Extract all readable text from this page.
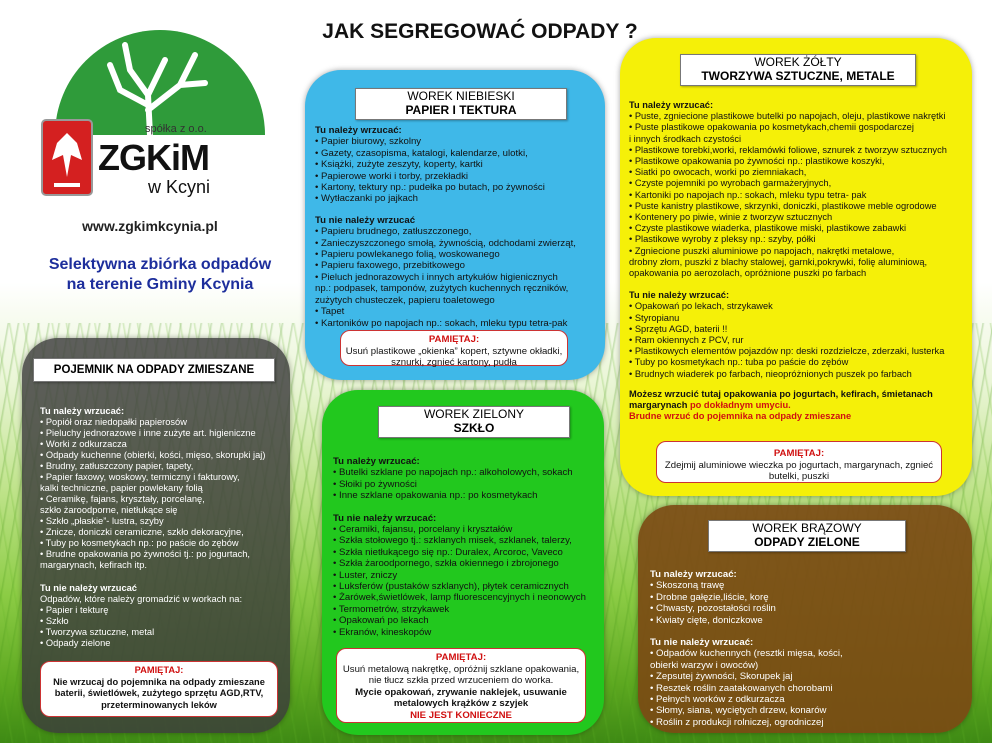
JAK SEGREGOWAĆ ODPADY ?
spółka z o.o.
ZGKiM
w Kcyni
www.zgkimkcynia.pl
Selektywna zbiórka odpadów
na terenie Gminy Kcynia
POJEMNIK NA ODPADY ZMIESZANE
Tu należy wrzucać:
• Popiół oraz niedopałki papierosów
• Pieluchy jednorazowe i inne zużyte art. higieniczne
• Worki z odkurzacza
• Odpady kuchenne (obierki, kości, mięso, skorupki jaj)
• Brudny, zatłuszczony papier, tapety,
• Papier faxowy, woskowy, termiczny i fakturowy,
kalki techniczne, papier powlekany folią
• Ceramikę, fajans, kryształy, porcelanę,
szkło żaroodporne, nietłukące się
• Szkło „płaskie”- lustra, szyby
• Znicze, doniczki ceramiczne, szkło dekoracyjne,
• Tuby po kosmetykach np.: po paście do zębów
• Brudne opakowania po żywności tj.: po jogurtach,
margarynach, kefirach itp.
Tu nie należy wrzucać
Odpadów, które należy gromadzić w workach na:
• Papier i tekturę
• Szkło
• Tworzywa sztuczne, metal
• Odpady zielone
PAMIĘTAJ:
Nie wrzucaj do pojemnika na odpady zmieszane baterii, świetlówek, zużytego sprzętu AGD,RTV, przeterminowanych leków
WOREK NIEBIESKI
PAPIER I TEKTURA
Tu należy wrzucać:
• Papier biurowy, szkolny
• Gazety, czasopisma, katalogi, kalendarze, ulotki,
• Książki, zużyte zeszyty, koperty, kartki
• Papierowe worki i torby, przekładki
• Kartony, tektury np.: pudełka po butach, po żywności
• Wytłaczanki po jajkach
Tu nie należy wrzucać
• Papieru brudnego, zatłuszczonego,
• Zanieczyszczonego smołą, żywnością, odchodami zwierząt,
• Papieru powlekanego folią, woskowanego
• Papieru faxowego, przebitkowego
• Pieluch jednorazowych i innych artykułów higienicznych
np.: podpasek, tamponów, zużytych kuchennych ręczników,
zużytych chusteczek, papieru toaletowego
• Tapet
• Kartoników po napojach np.: sokach, mleku typu tetra-pak
PAMIĘTAJ:
Usuń plastikowe „okienka” kopert, sztywne okładki, sznurki, zgnieć kartony, pudła
WOREK ZIELONY
SZKŁO
Tu należy wrzucać:
• Butelki szklane po napojach np.: alkoholowych, sokach
• Słoiki po żywności
• Inne szklane opakowania np.: po kosmetykach
Tu nie należy wrzucać:
• Ceramiki, fajansu, porcelany i kryształów
• Szkła stołowego tj.: szklanych misek, szklanek, talerzy,
• Szkła nietłukącego się np.: Duralex, Arcoroc, Vaveco
• Szkła żaroodpornego, szkła okiennego i zbrojonego
• Luster, zniczy
• Luksferów (pustaków szklanych), płytek ceramicznych
• Żarówek,świetlówek, lamp fluorescencyjnych i neonowych
• Termometrów, strzykawek
• Opakowań po lekach
• Ekranów, kineskopów
PAMIĘTAJ:
Usuń metalową nakrętkę, opróżnij szklane opakowania, nie tłucz szkła przed wrzuceniem do worka.
Mycie opakowań, zrywanie naklejek, usuwanie metalowych krążków z szyjek
NIE JEST KONIECZNE
WOREK ŻÓŁTY
TWORZYWA SZTUCZNE, METALE
Tu należy wrzucać:
• Puste, zgniecione plastikowe butelki po napojach, oleju, plastikowe nakrętki
• Puste plastikowe opakowania po kosmetykach,chemii gospodarczej
i innych środkach czystości
• Plastikowe torebki,worki, reklamówki foliowe, sznurek z tworzyw sztucznych
• Plastikowe opakowania po żywności np.: plastikowe koszyki,
• Siatki po owocach, worki po ziemniakach,
• Czyste pojemniki po wyrobach garmażeryjnych,
• Kartoniki po napojach np.: sokach, mleku typu tetra- pak
• Puste kanistry plastikowe, skrzynki, doniczki, plastikowe meble ogrodowe
• Kontenery po piwie, winie z tworzyw sztucznych
• Czyste plastikowe wiaderka, plastikowe miski, plastikowe zabawki
• Plastikowe wyroby z pleksy np.: szyby, półki
• Zgniecione puszki aluminiowe po napojach, nakrętki metalowe,
drobny złom, puszki z blachy stalowej, garnki,pokrywki, folię aluminiową,
opakowania po aerozolach, opróżnione puszki po farbach
Tu nie należy wrzucać:
• Opakowań po lekach, strzykawek
• Styropianu
• Sprzętu AGD, baterii !!
• Ram okiennych z PCV, rur
• Plastikowych elementów pojazdów np: deski rozdzielcze, zderzaki, lusterka
• Tuby po kosmetykach np.: tuba po paście do zębów
• Brudnych wiaderek po farbach, nieopróżnionych puszek po farbach
Możesz wrzucić tutaj opakowania po jogurtach, kefirach, śmietanach
margarynach po dokładnym umyciu.
Brudne wrzuć do pojemnika na odpady zmieszane
PAMIĘTAJ:
Zdejmij aluminiowe wieczka po jogurtach, margarynach, zgnieć butelki, puszki
WOREK BRĄZOWY
ODPADY ZIELONE
Tu należy wrzucać:
• Skoszoną trawę
• Drobne gałęzie,liście, korę
• Chwasty, pozostałości roślin
• Kwiaty cięte, doniczkowe
Tu nie należy wrzucać:
• Odpadów kuchennych (resztki mięsa, kości,
obierki warzyw i owoców)
• Zepsutej żywności, Skorupek jaj
• Resztek roślin zaatakowanych chorobami
• Pełnych worków z odkurzacza
• Słomy, siana, wyciętych drzew, konarów
• Roślin z produkcji rolniczej, ogrodniczej
